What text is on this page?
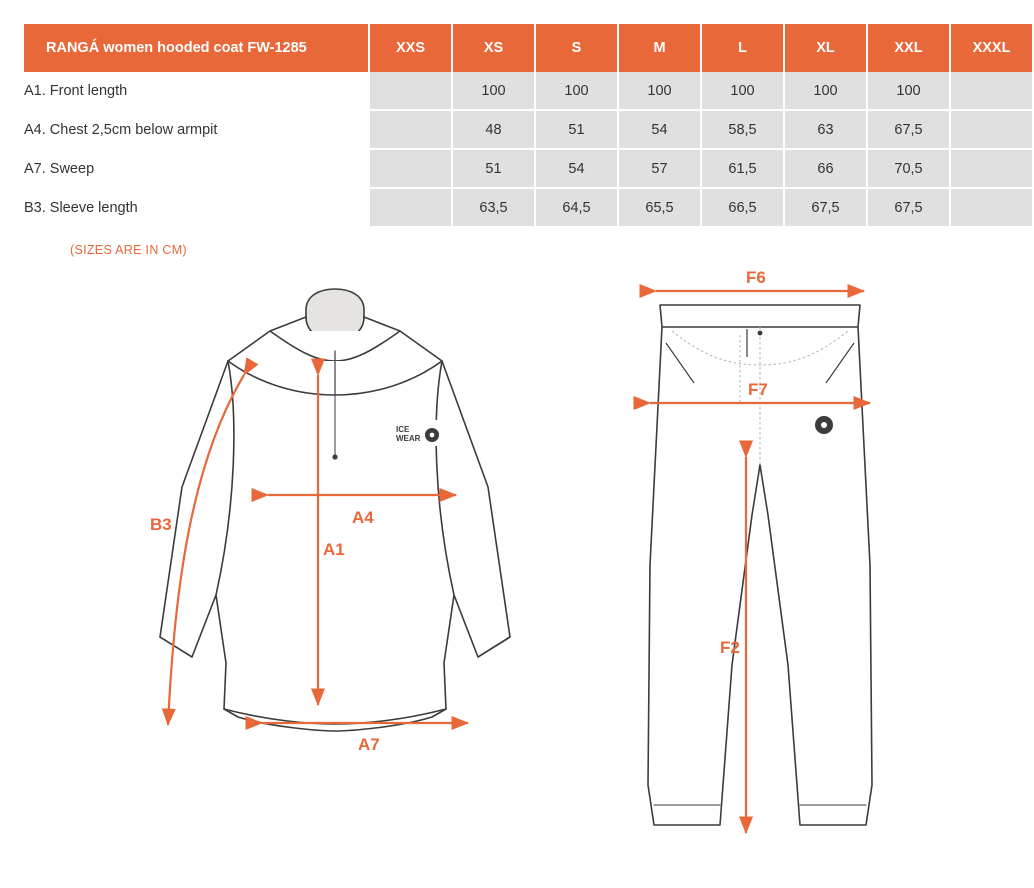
RANGÁ women hooded coat FW-1285	XXS	XS	S	M	L	XL	XXL	XXXL
A1. Front length		100	100	100	100	100	100	
A4. Chest 2,5cm below armpit		48	51	54	58,5	63	67,5	
A7. Sweep		51	54	57	61,5	66	70,5	
B3. Sleeve length		63,5	64,5	65,5	66,5	67,5	67,5	
(SIZES ARE IN CM)
ICE
WEAR
B3	A4
A1
A7
F6
F7
F2
